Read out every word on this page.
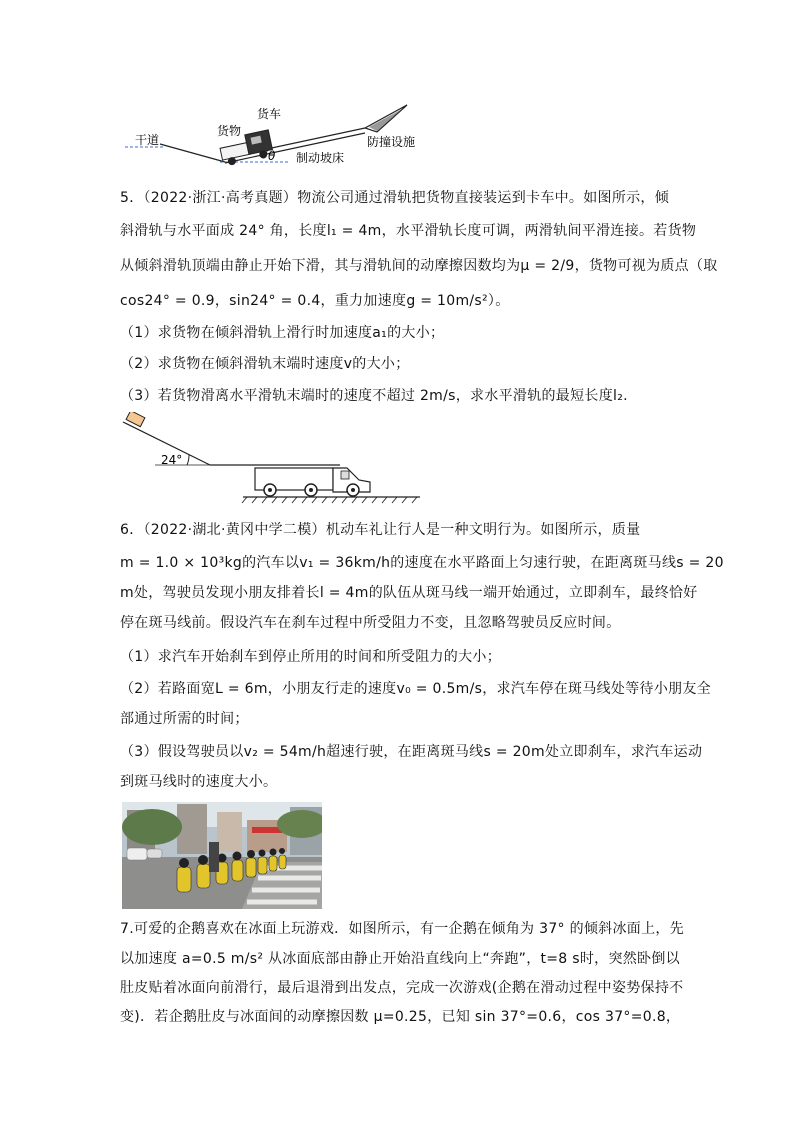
货车
货物
干道
θ 制动坡床
防撞设施
5．（2022·浙江·高考真题）物流公司通过滑轨把货物直接装运到卡车中。如图所示，倾
斜滑轨与水平面成 24° 角，长度l₁ = 4m，水平滑轨长度可调，两滑轨间平滑连接。若货物
从倾斜滑轨顶端由静止开始下滑，其与滑轨间的动摩擦因数均为μ = 2/9，货物可视为质点（取
cos24° = 0.9，sin24° = 0.4，重力加速度g = 10m/s²）。
（1）求货物在倾斜滑轨上滑行时加速度a₁的大小；
（2）求货物在倾斜滑轨末端时速度v的大小；
（3）若货物滑离水平滑轨末端时的速度不超过 2m/s，求水平滑轨的最短长度l₂.
24°
6．（2022·湖北·黄冈中学二模）机动车礼让行人是一种文明行为。如图所示，质量
m = 1.0 × 10³kg的汽车以v₁ = 36km/h的速度在水平路面上匀速行驶，在距离斑马线s = 20
m处，驾驶员发现小朋友排着长l = 4m的队伍从斑马线一端开始通过，立即刹车，最终恰好
停在斑马线前。假设汽车在刹车过程中所受阻力不变，且忽略驾驶员反应时间。
（1）求汽车开始刹车到停止所用的时间和所受阻力的大小；
（2）若路面宽L = 6m，小朋友行走的速度v₀ = 0.5m/s，求汽车停在斑马线处等待小朋友全
部通过所需的时间；
（3）假设驾驶员以v₂ = 54m/h超速行驶，在距离斑马线s = 20m处立即刹车，求汽车运动
到斑马线时的速度大小。
7.可爱的企鹅喜欢在冰面上玩游戏．如图所示，有一企鹅在倾角为 37° 的倾斜冰面上，先
以加速度 a=0.5 m/s² 从冰面底部由静止开始沿直线向上“奔跑”，t=8 s时，突然卧倒以
肚皮贴着冰面向前滑行，最后退滑到出发点，完成一次游戏(企鹅在滑动过程中姿势保持不
变)．若企鹅肚皮与冰面间的动摩擦因数 μ=0.25，已知 sin 37°=0.6，cos 37°=0.8，
